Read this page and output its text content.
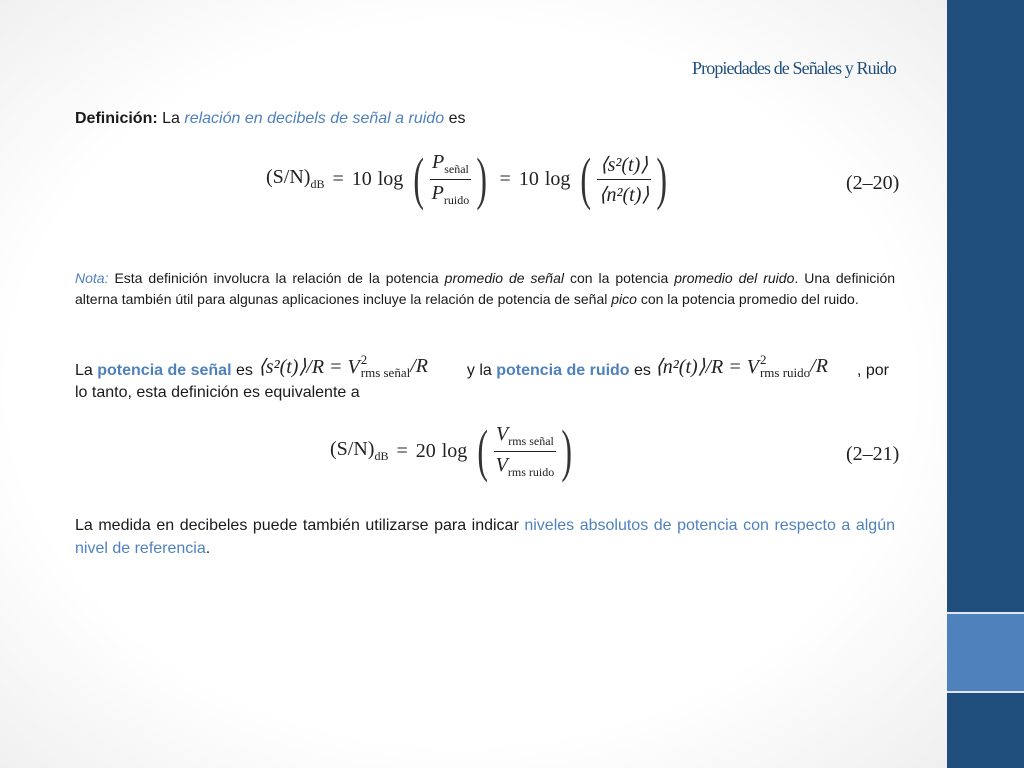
Propiedades de Señales y Ruido
Definición: La relación en decibels de señal a ruido es
$(S/N)_{dB} = 10$ log ( $\frac{P_{señal}}{P_{ruido}}$ ) = 10 log ( $\frac{\text{⟨s²(t)⟩}}{\text{⟨n²(t)⟩}}$ )	(2–20)
Nota: Esta definición involucra la relación de la potencia promedio de señal con la potencia promedio del ruido. Una definición alterna también útil para algunas aplicaciones incluye la relación de potencia de señal pico con la potencia promedio del ruido.
La potencia de señal es	y la potencia de ruido es	, por
lo tanto, esta definición es equivalente a
⟨s²(t)⟩/R = V 2
rms señal /R	⟨n²(t)⟩/R = V 2
rms ruido /R
$(S/N)_{dB} = 20$ log ( $\frac{V_{rms señal}}{V_{rms ruido}}$ )	(2–21)
La medida en decibeles puede también utilizarse para indicar niveles absolutos de potencia con respecto a algún nivel de referencia.
